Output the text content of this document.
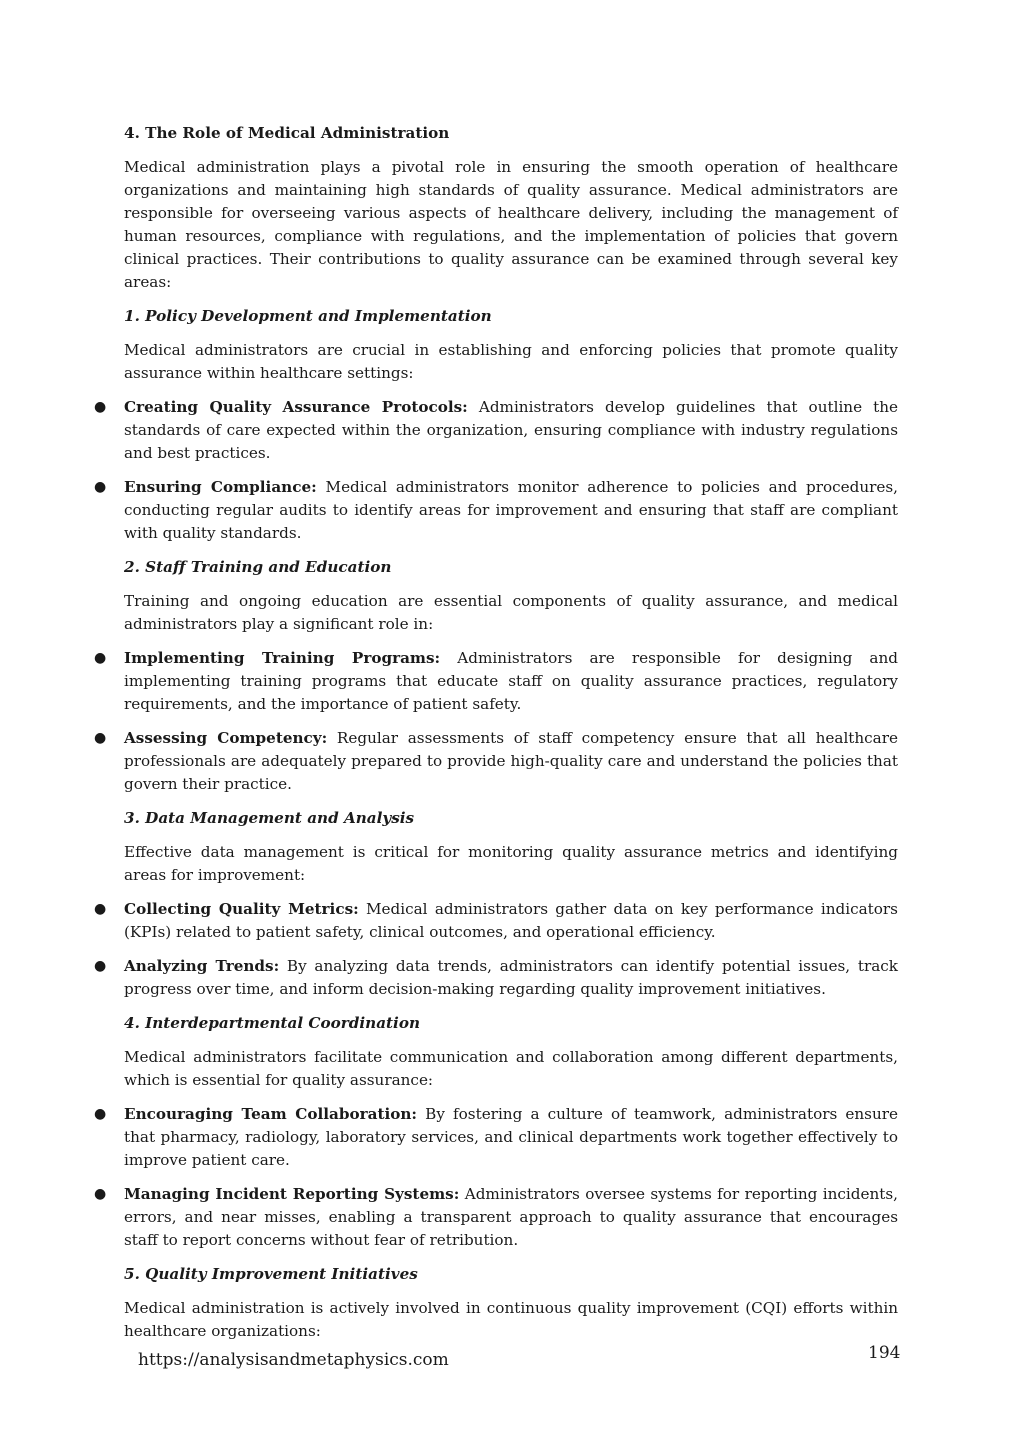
4. The Role of Medical Administration

Medical administration plays a pivotal role in ensuring the smooth operation of healthcare organizations and maintaining high standards of quality assurance. Medical administrators are responsible for overseeing various aspects of healthcare delivery, including the management of human resources, compliance with regulations, and the implementation of policies that govern clinical practices. Their contributions to quality assurance can be examined through several key areas:

1. Policy Development and Implementation

Medical administrators are crucial in establishing and enforcing policies that promote quality assurance within healthcare settings:

● Creating Quality Assurance Protocols: Administrators develop guidelines that outline the standards of care expected within the organization, ensuring compliance with industry regulations and best practices.
● Ensuring Compliance: Medical administrators monitor adherence to policies and procedures, conducting regular audits to identify areas for improvement and ensuring that staff are compliant with quality standards.
2. Staff Training and Education

Training and ongoing education are essential components of quality assurance, and medical administrators play a significant role in:

● Implementing Training Programs: Administrators are responsible for designing and implementing training programs that educate staff on quality assurance practices, regulatory requirements, and the importance of patient safety.
● Assessing Competency: Regular assessments of staff competency ensure that all healthcare professionals are adequately prepared to provide high-quality care and understand the policies that govern their practice.
3. Data Management and Analysis

Effective data management is critical for monitoring quality assurance metrics and identifying areas for improvement:

● Collecting Quality Metrics: Medical administrators gather data on key performance indicators (KPIs) related to patient safety, clinical outcomes, and operational efficiency.
● Analyzing Trends: By analyzing data trends, administrators can identify potential issues, track progress over time, and inform decision-making regarding quality improvement initiatives.
4. Interdepartmental Coordination

Medical administrators facilitate communication and collaboration among different departments, which is essential for quality assurance:

● Encouraging Team Collaboration: By fostering a culture of teamwork, administrators ensure that pharmacy, radiology, laboratory services, and clinical departments work together effectively to improve patient care.
● Managing Incident Reporting Systems: Administrators oversee systems for reporting incidents, errors, and near misses, enabling a transparent approach to quality assurance that encourages staff to report concerns without fear of retribution.
5. Quality Improvement Initiatives

Medical administration is actively involved in continuous quality improvement (CQI) efforts within healthcare organizations:

https://analysisandmetaphysics.com	194
